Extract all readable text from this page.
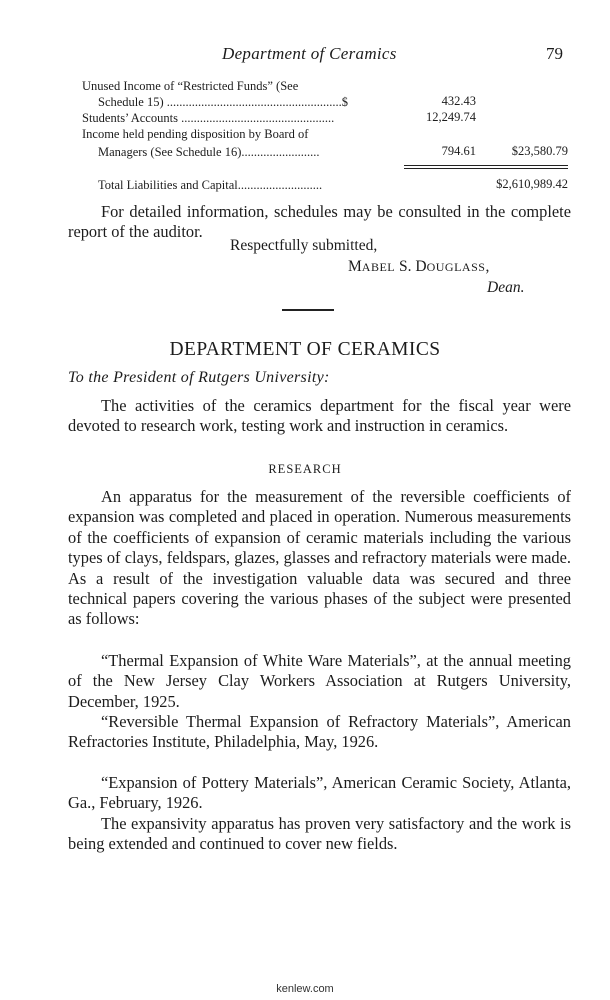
Department of Ceramics	79
Unused Income of “Restricted Funds” (See
Schedule 15) ........................................................$	432.43
Students’ Accounts .................................................	12,249.74
Income held pending disposition by Board of
Managers (See Schedule 16).........................	794.61	$23,580.79
Total Liabilities and Capital...........................	$2,610,989.42
For detailed information, schedules may be consulted in the complete report of the auditor.
Respectfully submitted,
MABEL S. DOUGLASS,
Dean.
DEPARTMENT OF CERAMICS
To the President of Rutgers University:
The activities of the ceramics department for the fiscal year were devoted to research work, testing work and instruction in ceramics.
RESEARCH
An apparatus for the measurement of the reversible coefficients of expansion was completed and placed in operation. Numerous measurements of the coefficients of expansion of ceramic materials including the various types of clays, feldspars, glazes, glasses and refractory materials were made. As a result of the investigation valuable data was secured and three technical papers covering the various phases of the subject were presented as follows:
“Thermal Expansion of White Ware Materials”, at the annual meeting of the New Jersey Clay Workers Association at Rutgers University, December, 1925.
“Reversible Thermal Expansion of Refractory Materials”, American Refractories Institute, Philadelphia, May, 1926.
“Expansion of Pottery Materials”, American Ceramic Society, Atlanta, Ga., February, 1926.
The expansivity apparatus has proven very satisfactory and the work is being extended and continued to cover new fields.
kenlew.com
